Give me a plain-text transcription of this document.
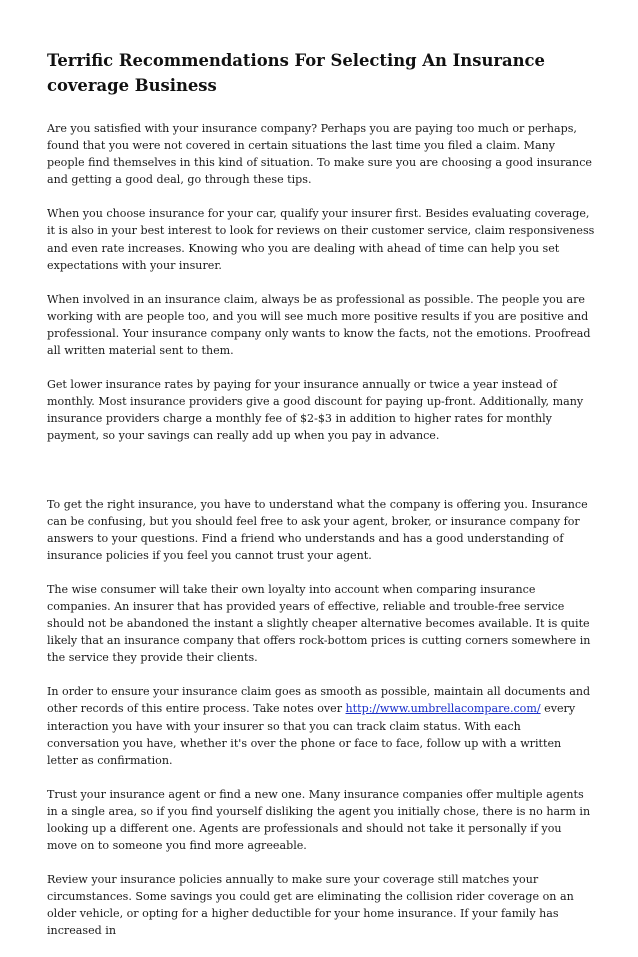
Terrific Recommendations For Selecting An Insurance coverage Business

Are you satisfied with your insurance company? Perhaps you are paying too much or perhaps, found that you were not covered in certain situations the last time you filed a claim. Many people find themselves in this kind of situation. To make sure you are choosing a good insurance and getting a good deal, go through these tips.

When you choose insurance for your car, qualify your insurer first. Besides evaluating coverage, it is also in your best interest to look for reviews on their customer service, claim responsiveness and even rate increases. Knowing who you are dealing with ahead of time can help you set expectations with your insurer.

When involved in an insurance claim, always be as professional as possible. The people you are working with are people too, and you will see much more positive results if you are positive and professional. Your insurance company only wants to know the facts, not the emotions. Proofread all written material sent to them.

Get lower insurance rates by paying for your insurance annually or twice a year instead of monthly. Most insurance providers give a good discount for paying up-front. Additionally, many insurance providers charge a monthly fee of $2-$3 in addition to higher rates for monthly payment, so your savings can really add up when you pay in advance.

To get the right insurance, you have to understand what the company is offering you. Insurance can be confusing, but you should feel free to ask your agent, broker, or insurance company for answers to your questions. Find a friend who understands and has a good understanding of insurance policies if you feel you cannot trust your agent.

The wise consumer will take their own loyalty into account when comparing insurance companies. An insurer that has provided years of effective, reliable and trouble-free service should not be abandoned the instant a slightly cheaper alternative becomes available. It is quite likely that an insurance company that offers rock-bottom prices is cutting corners somewhere in the service they provide their clients.

In order to ensure your insurance claim goes as smooth as possible, maintain all documents and other records of this entire process. Take notes over http://www.umbrellacompare.com/ every interaction you have with your insurer so that you can track claim status. With each conversation you have, whether it's over the phone or face to face, follow up with a written letter as confirmation.

Trust your insurance agent or find a new one. Many insurance companies offer multiple agents in a single area, so if you find yourself disliking the agent you initially chose, there is no harm in looking up a different one. Agents are professionals and should not take it personally if you move on to someone you find more agreeable.

Review your insurance policies annually to make sure your coverage still matches your circumstances. Some savings you could get are eliminating the collision rider coverage on an older vehicle, or opting for a higher deductible for your home insurance. If your family has increased in
